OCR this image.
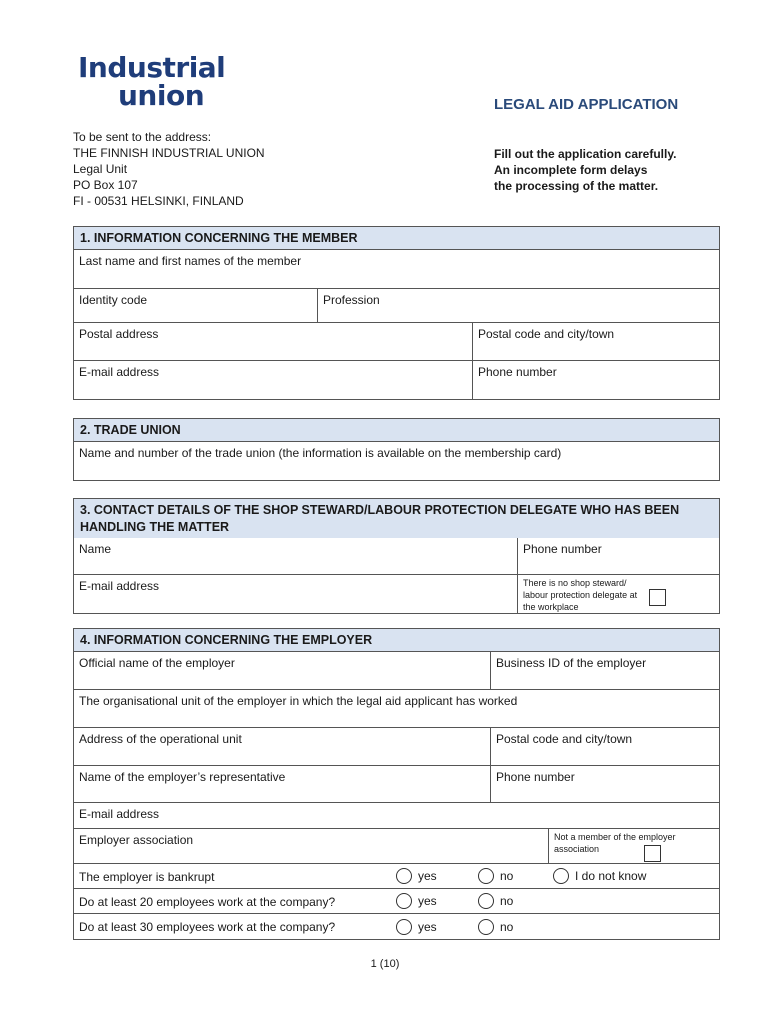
Industrial
union	LEGAL AID APPLICATION
To be sent to the address:
THE FINNISH INDUSTRIAL UNION
Legal Unit
PO Box 107
FI - 00531 HELSINKI, FINLAND
Fill out the application carefully.
An incomplete form delays
the processing of the matter.
1. INFORMATION CONCERNING THE MEMBER
Last name and first names of the member
Identity code	Profession
Postal address	Postal code and city/town
E-mail address	Phone number
2. TRADE UNION
Name and number of the trade union (the information is available on the membership card)
3. CONTACT DETAILS OF THE SHOP STEWARD/LABOUR PROTECTION DELEGATE WHO HAS BEEN HANDLING THE MATTER
Name	Phone number
E-mail address	There is no shop steward/ labour protection delegate at the workplace
4. INFORMATION CONCERNING THE EMPLOYER
Official name of the employer	Business ID of the employer
The organisational unit of the employer in which the legal aid applicant has worked
Address of the operational unit	Postal code and city/town
Name of the employer’s representative	Phone number
E-mail address
Employer association	Not a member of the employer association
The employer is bankrupt	yes	no	I do not know
Do at least 20 employees work at the company?	yes	no
Do at least 30 employees work at the company?	yes	no
1 (10)
